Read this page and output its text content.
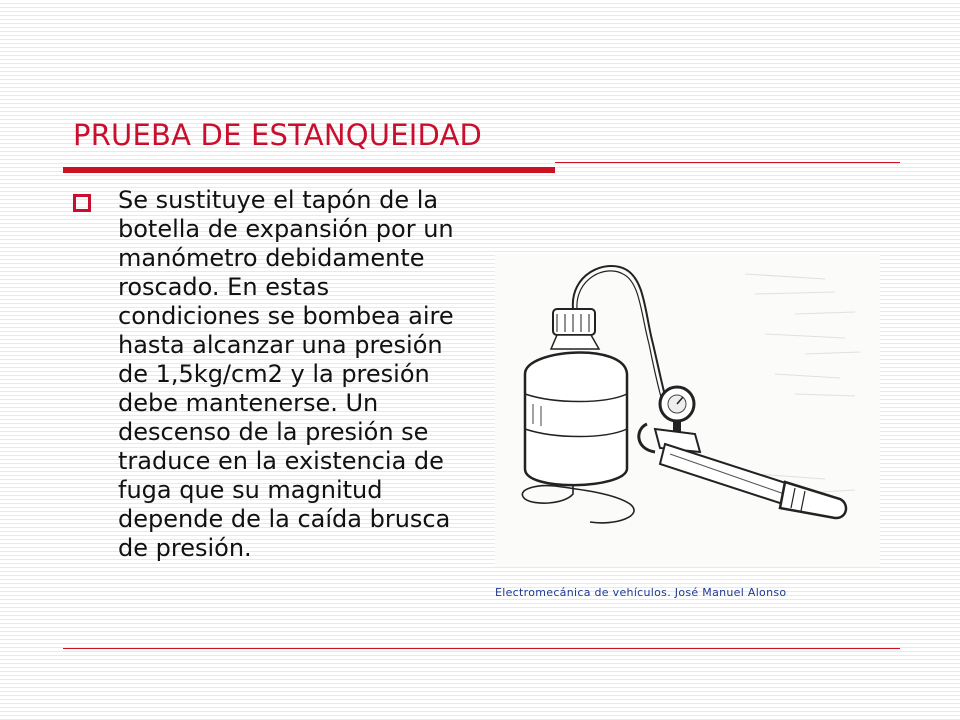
PRUEBA DE ESTANQUEIDAD

Se sustituye el tapón de la botella de expansión por un manómetro debidamente roscado. En estas condiciones se bombea aire hasta alcanzar una presión de 1,5kg/cm2 y la presión debe mantenerse. Un descenso de la presión se traduce en la existencia de fuga que su magnitud depende de la caída brusca de presión.

Electromecánica de vehículos. José Manuel Alonso
